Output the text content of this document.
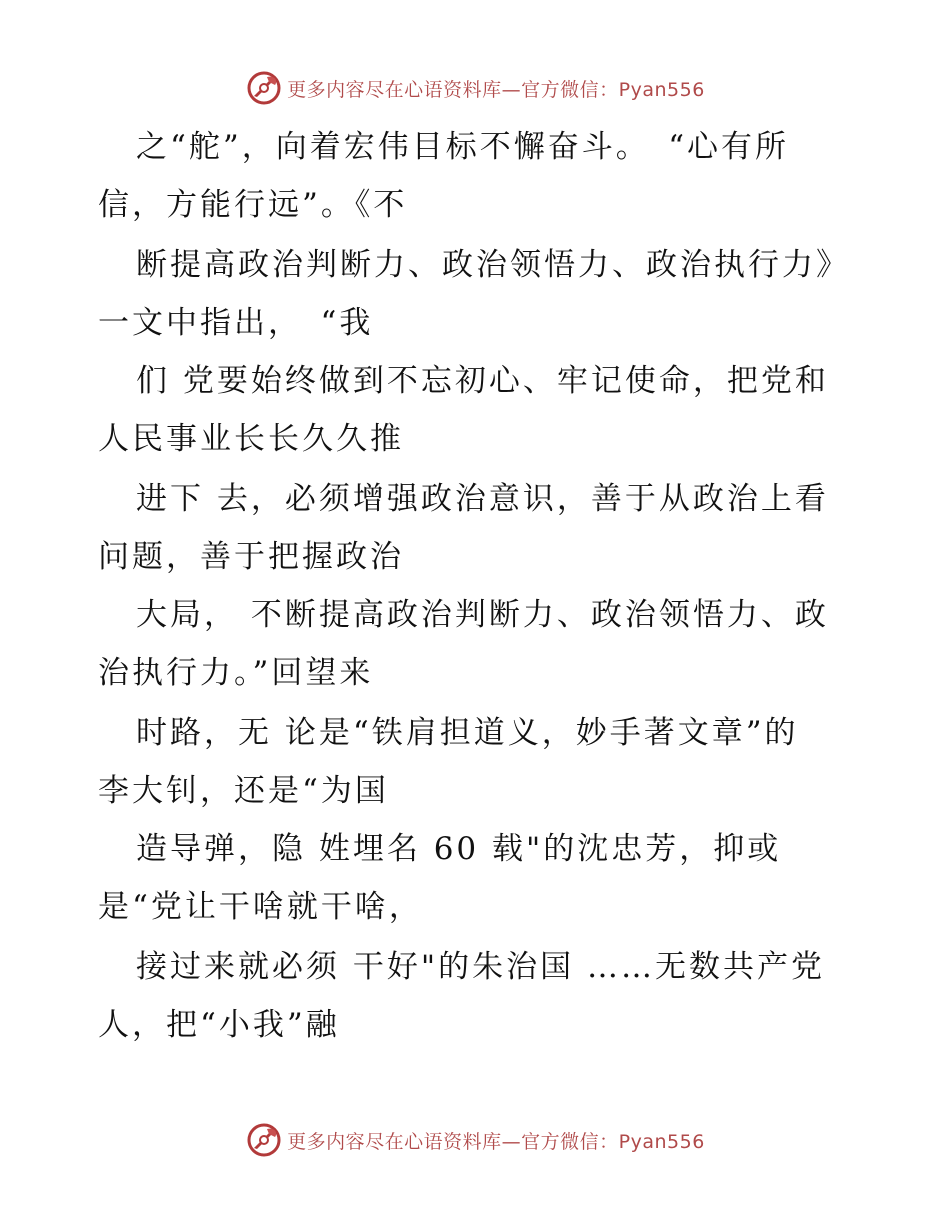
更多内容尽在心语资料库—官方微信：Pyan556
之“舵”，向着宏伟目标不懈奋斗。　“心有所
信，方能行远”。《不
断提高政治判断力、政治领悟力、政治执行力》
一文中指出，　“我
们 党要始终做到不忘初心、牢记使命，把党和
人民事业长长久久推
进下 去，必须增强政治意识，善于从政治上看
问题，善于把握政治
大局， 不断提高政治判断力、政治领悟力、政
治执行力。”回望来
时路，无 论是“铁肩担道义，妙手著文章”的
李大钊，还是“为国
造导弹，隐 姓埋名 60 载"的沈忠芳，抑或
是“党让干啥就干啥，
接过来就必须 干好"的朱治国 ……无数共产党
人，把“小我”融
更多内容尽在心语资料库—官方微信：Pyan556
